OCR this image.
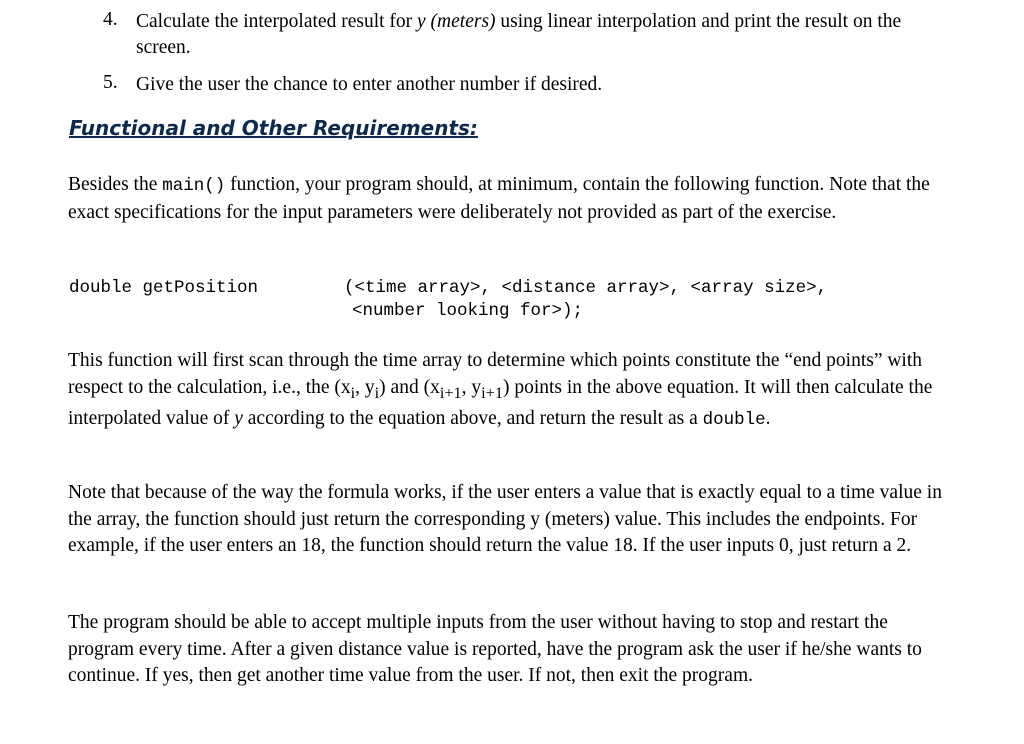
4. Calculate the interpolated result for y (meters) using linear interpolation and print the result on the screen.
5. Give the user the chance to enter another number if desired.
Functional and Other Requirements:
Besides the main() function, your program should, at minimum, contain the following function. Note that the exact specifications for the input parameters were deliberately not provided as part of the exercise.
double getPosition	(<time array>, <distance array>, <array size>,
<number looking for>);
This function will first scan through the time array to determine which points constitute the “end points” with respect to the calculation, i.e., the ($x_i$, $y_i$) and ($x_{i+1}$, $y_{i+1}$) points in the above equation. It will then calculate the interpolated value of y according to the equation above, and return the result as a double.
Note that because of the way the formula works, if the user enters a value that is exactly equal to a time value in the array, the function should just return the corresponding y (meters) value. This includes the endpoints. For example, if the user enters an 18, the function should return the value 18. If the user inputs 0, just return a 2.
The program should be able to accept multiple inputs from the user without having to stop and restart the program every time. After a given distance value is reported, have the program ask the user if he/she wants to continue. If yes, then get another time value from the user. If not, then exit the program.
